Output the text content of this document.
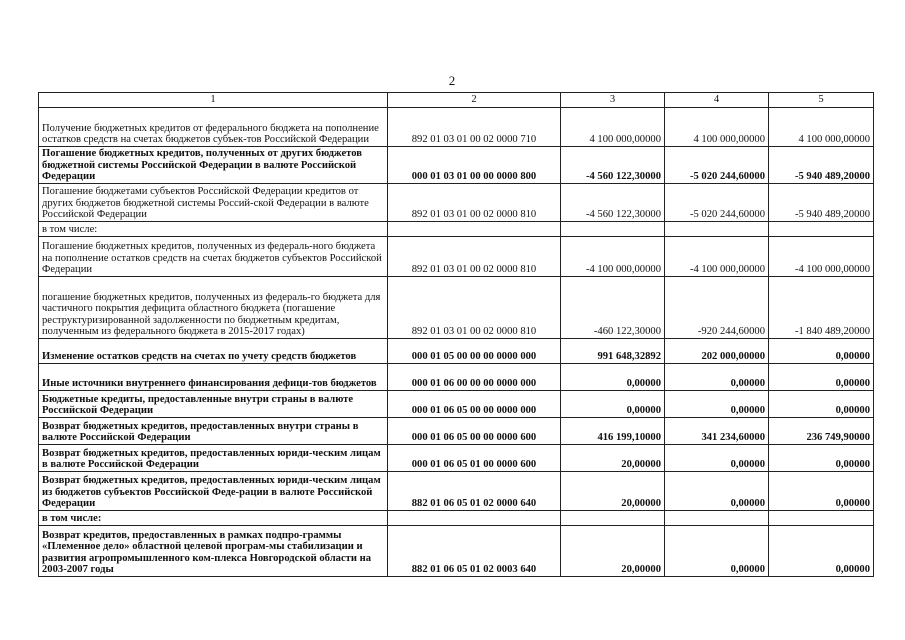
2
1	2	3	4	5
Получение бюджетных кредитов от федерального бюджета на пополнение остатков средств на счетах бюджетов субъек-тов Российской Федерации	892 01 03 01 00 02 0000 710	4 100 000,00000	4 100 000,00000	4 100 000,00000
Погашение бюджетных кредитов, полученных от других бюджетов бюджетной системы Российской Федерации в валюте Российской Федерации	000 01 03 01 00 00 0000 800	-4 560 122,30000	-5 020 244,60000	-5 940 489,20000
Погашение бюджетами субъектов Российской Федерации кредитов от других бюджетов бюджетной системы Россий-ской Федерации в валюте Российской Федерации	892 01 03 01 00 02 0000 810	-4 560 122,30000	-5 020 244,60000	-5 940 489,20000
в том числе:				
Погашение бюджетных кредитов, полученных из федераль-ного бюджета на пополнение остатков средств на счетах бюджетов субъектов Российской Федерации	892 01 03 01 00 02 0000 810	-4 100 000,00000	-4 100 000,00000	-4 100 000,00000
погашение бюджетных кредитов, полученных из федераль-го бюджета для частичного покрытия дефицита областного бюджета (погашение реструктуризированной задолженности по бюджетным кредитам, полученным из федерального бюджета в 2015-2017 годах)	892 01 03 01 00 02 0000 810	-460 122,30000	-920 244,60000	-1 840 489,20000
Изменение остатков средств на счетах по учету средств бюджетов	000 01 05 00 00 00 0000 000	991 648,32892	202 000,00000	0,00000
Иные источники внутреннего финансирования дефици-тов бюджетов	000 01 06 00 00 00 0000 000	0,00000	0,00000	0,00000
Бюджетные кредиты, предоставленные внутри страны в валюте Российской Федерации	000 01 06 05 00 00 0000 000	0,00000	0,00000	0,00000
Возврат бюджетных кредитов, предоставленных внутри страны в валюте Российской Федерации	000 01 06 05 00 00 0000 600	416 199,10000	341 234,60000	236 749,90000
Возврат бюджетных кредитов, предоставленных юриди-ческим лицам в валюте Российской Федерации	000 01 06 05 01 00 0000 600	20,00000	0,00000	0,00000
Возврат бюджетных кредитов, предоставленных юриди-ческим лицам из бюджетов субъектов Российской Феде-рации в валюте Российской Федерации	882 01 06 05 01 02 0000 640	20,00000	0,00000	0,00000
в том числе:				
Возврат кредитов, предоставленных в рамках подпро-граммы «Племенное дело» областной целевой програм-мы стабилизации и развития агропромышленного ком-плекса Новгородской области на 2003-2007 годы	882 01 06 05 01 02 0003 640	20,00000	0,00000	0,00000
